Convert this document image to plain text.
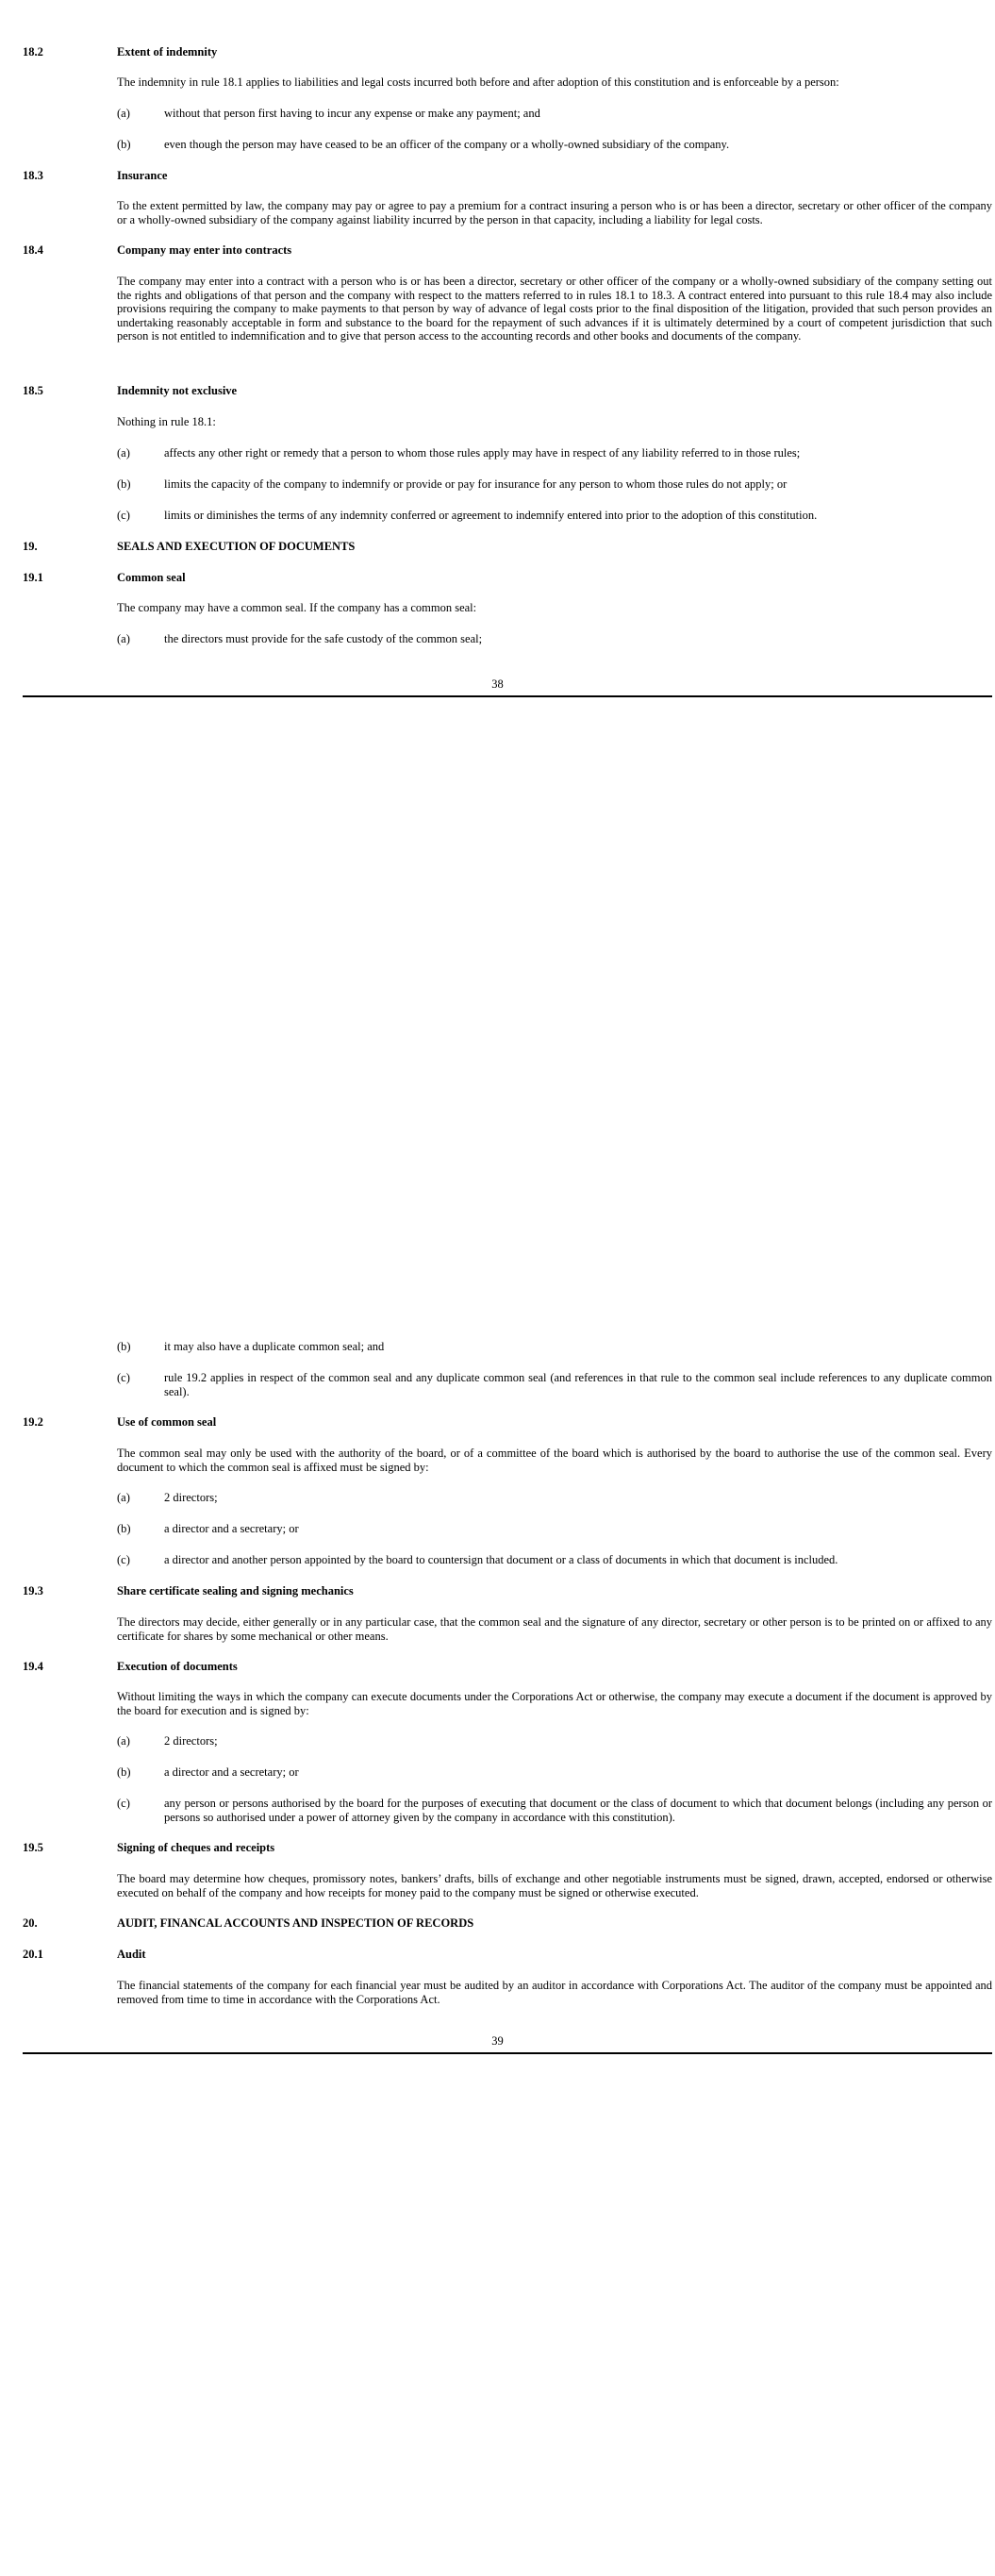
18.2	Extent of indemnity
The indemnity in rule 18.1 applies to liabilities and legal costs incurred both before and after adoption of this constitution and is enforceable by a person:
(a)	without that person first having to incur any expense or make any payment; and
(b)	even though the person may have ceased to be an officer of the company or a wholly-owned subsidiary of the company.
18.3	Insurance
To the extent permitted by law, the company may pay or agree to pay a premium for a contract insuring a person who is or has been a director, secretary or other officer of the company or a wholly-owned subsidiary of the company against liability incurred by the person in that capacity, including a liability for legal costs.
18.4	Company may enter into contracts
The company may enter into a contract with a person who is or has been a director, secretary or other officer of the company or a wholly-owned subsidiary of the company setting out the rights and obligations of that person and the company with respect to the matters referred to in rules 18.1 to 18.3. A contract entered into pursuant to this rule 18.4 may also include provisions requiring the company to make payments to that person by way of advance of legal costs prior to the final disposition of the litigation, provided that such person provides an undertaking reasonably acceptable in form and substance to the board for the repayment of such advances if it is ultimately determined by a court of competent jurisdiction that such person is not entitled to indemnification and to give that person access to the accounting records and other books and documents of the company.
18.5	Indemnity not exclusive
Nothing in rule 18.1:
(a)	affects any other right or remedy that a person to whom those rules apply may have in respect of any liability referred to in those rules;
(b)	limits the capacity of the company to indemnify or provide or pay for insurance for any person to whom those rules do not apply; or
(c)	limits or diminishes the terms of any indemnity conferred or agreement to indemnify entered into prior to the adoption of this constitution.
19.	SEALS AND EXECUTION OF DOCUMENTS
19.1	Common seal
The company may have a common seal. If the company has a common seal:
(a)	the directors must provide for the safe custody of the common seal;
38
(b)	it may also have a duplicate common seal; and
(c)	rule 19.2 applies in respect of the common seal and any duplicate common seal (and references in that rule to the common seal include references to any duplicate common seal).
19.2	Use of common seal
The common seal may only be used with the authority of the board, or of a committee of the board which is authorised by the board to authorise the use of the common seal. Every document to which the common seal is affixed must be signed by:
(a)	2 directors;
(b)	a director and a secretary; or
(c)	a director and another person appointed by the board to countersign that document or a class of documents in which that document is included.
19.3	Share certificate sealing and signing mechanics
The directors may decide, either generally or in any particular case, that the common seal and the signature of any director, secretary or other person is to be printed on or affixed to any certificate for shares by some mechanical or other means.
19.4	Execution of documents
Without limiting the ways in which the company can execute documents under the Corporations Act or otherwise, the company may execute a document if the document is approved by the board for execution and is signed by:
(a)	2 directors;
(b)	a director and a secretary; or
(c)	any person or persons authorised by the board for the purposes of executing that document or the class of document to which that document belongs (including any person or persons so authorised under a power of attorney given by the company in accordance with this constitution).
19.5	Signing of cheques and receipts
The board may determine how cheques, promissory notes, bankers’ drafts, bills of exchange and other negotiable instruments must be signed, drawn, accepted, endorsed or otherwise executed on behalf of the company and how receipts for money paid to the company must be signed or otherwise executed.
20.	AUDIT, FINANCAL ACCOUNTS AND INSPECTION OF RECORDS
20.1	Audit
The financial statements of the company for each financial year must be audited by an auditor in accordance with Corporations Act. The auditor of the company must be appointed and removed from time to time in accordance with the Corporations Act.
39
